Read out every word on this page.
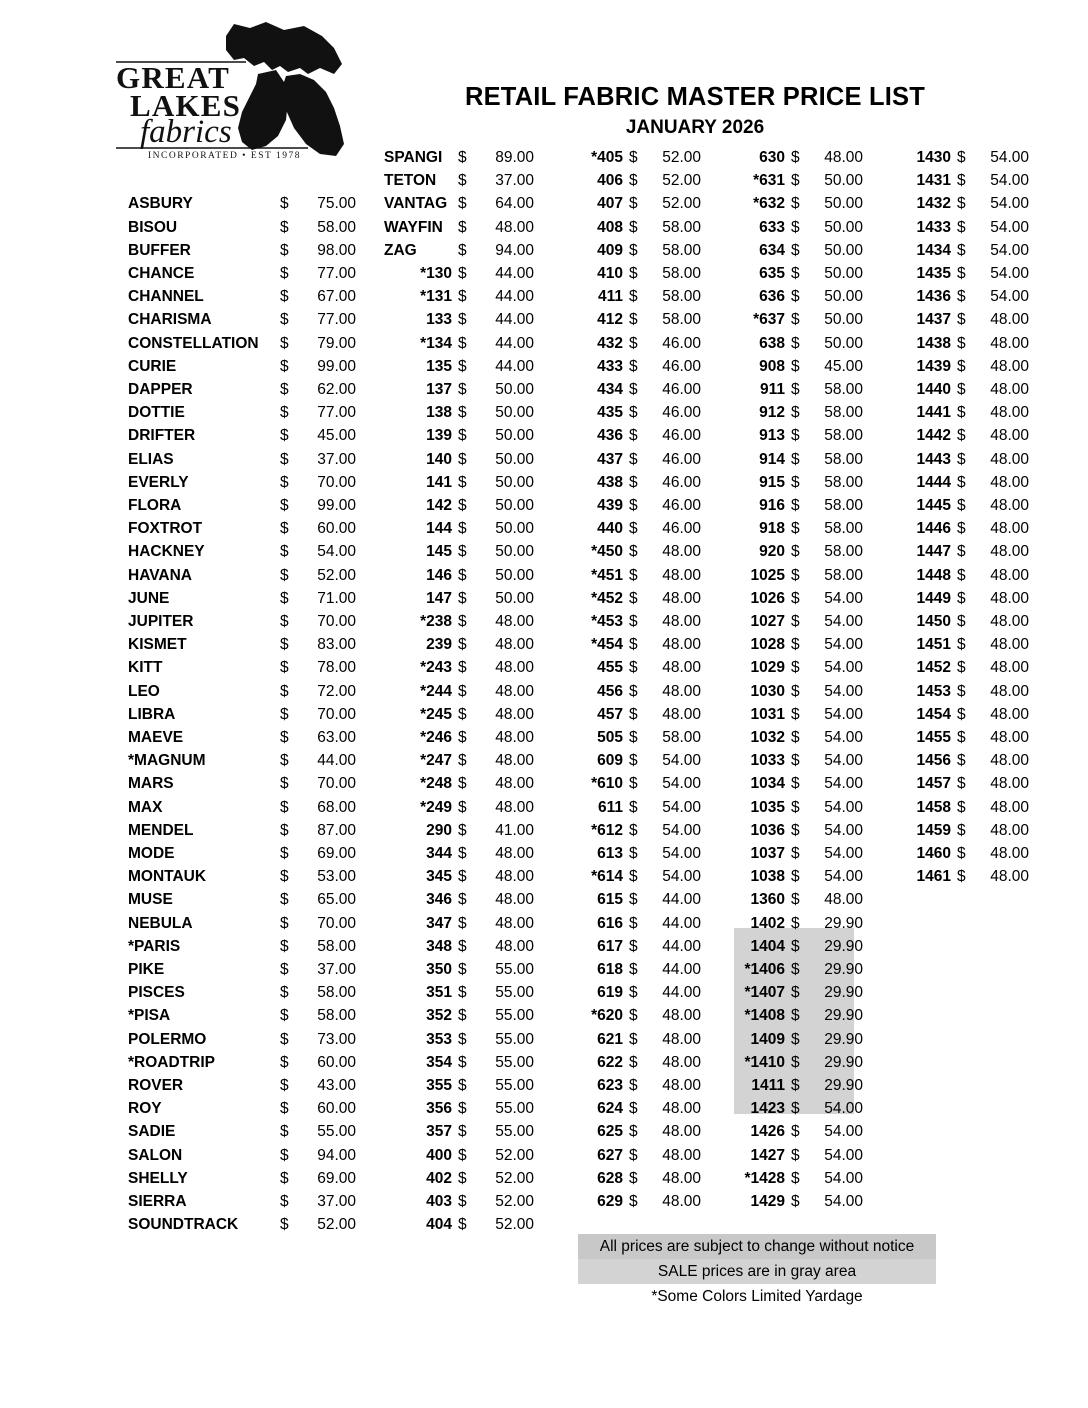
GREAT
LAKES
fabrics
INCORPORATED • EST 1978
RETAIL FABRIC MASTER PRICE LIST
JANUARY 2026
ASBURY	$	75.00
BISOU	$	58.00
BUFFER	$	98.00
CHANCE	$	77.00
CHANNEL	$	67.00
CHARISMA	$	77.00
CONSTELLATION	$	79.00
CURIE	$	99.00
DAPPER	$	62.00
DOTTIE	$	77.00
DRIFTER	$	45.00
ELIAS	$	37.00
EVERLY	$	70.00
FLORA	$	99.00
FOXTROT	$	60.00
HACKNEY	$	54.00
HAVANA	$	52.00
JUNE	$	71.00
JUPITER	$	70.00
KISMET	$	83.00
KITT	$	78.00
LEO	$	72.00
LIBRA	$	70.00
MAEVE	$	63.00
*MAGNUM	$	44.00
MARS	$	70.00
MAX	$	68.00
MENDEL	$	87.00
MODE	$	69.00
MONTAUK	$	53.00
MUSE	$	65.00
NEBULA	$	70.00
*PARIS	$	58.00
PIKE	$	37.00
PISCES	$	58.00
*PISA	$	58.00
POLERMO	$	73.00
*ROADTRIP	$	60.00
ROVER	$	43.00
ROY	$	60.00
SADIE	$	55.00
SALON	$	94.00
SHELLY	$	69.00
SIERRA	$	37.00
SOUNDTRACK	$	52.00
SPANGI	$	89.00
TETON	$	37.00
VANTAG $	64.00
WAYFIN $	48.00
ZAG	$	94.00
*130 $	44.00
*131 $	44.00
133 $	44.00
*134 $	44.00
135 $	44.00
137 $	50.00
138 $	50.00
139 $	50.00
140 $	50.00
141 $	50.00
142 $	50.00
144 $	50.00
145 $	50.00
146 $	50.00
147 $	50.00
*238 $	48.00
239 $	48.00
*243 $	48.00
*244 $	48.00
*245 $	48.00
*246 $	48.00
*247 $	48.00
*248 $	48.00
*249 $	48.00
290 $	41.00
344 $	48.00
345 $	48.00
346 $	48.00
347 $	48.00
348 $	48.00
350 $	55.00
351 $	55.00
352 $	55.00
353 $	55.00
354 $	55.00
355 $	55.00
356 $	55.00
357 $	55.00
400 $	52.00
402 $	52.00
403 $	52.00
404 $	52.00
*405 $	52.00
406 $	52.00
407 $	52.00
408 $	58.00
409 $	58.00
410 $	58.00
411 $	58.00
412 $	58.00
432 $	46.00
433 $	46.00
434 $	46.00
435 $	46.00
436 $	46.00
437 $	46.00
438 $	46.00
439 $	46.00
440 $	46.00
*450 $	48.00
*451 $	48.00
*452 $	48.00
*453 $	48.00
*454 $	48.00
455 $	48.00
456 $	48.00
457 $	48.00
505 $	58.00
609 $	54.00
*610 $	54.00
611 $	54.00
*612 $	54.00
613 $	54.00
*614 $	54.00
615 $	44.00
616 $	44.00
617 $	44.00
618 $	44.00
619 $	44.00
*620 $	48.00
621 $	48.00
622 $	48.00
623 $	48.00
624 $	48.00
625 $	48.00
627 $	48.00
628 $	48.00
629 $	48.00
630 $	48.00
*631 $	50.00
*632 $	50.00
633 $	50.00
634 $	50.00
635 $	50.00
636 $	50.00
*637 $	50.00
638 $	50.00
908 $	45.00
911 $	58.00
912 $	58.00
913 $	58.00
914 $	58.00
915 $	58.00
916 $	58.00
918 $	58.00
920 $	58.00
1025 $	58.00
1026 $	54.00
1027 $	54.00
1028 $	54.00
1029 $	54.00
1030 $	54.00
1031 $	54.00
1032 $	54.00
1033 $	54.00
1034 $	54.00
1035 $	54.00
1036 $	54.00
1037 $	54.00
1038 $	54.00
1360 $	48.00
1402 $	29.90
1404 $	29.90
*1406 $	29.90
*1407 $	29.90
*1408 $	29.90
1409 $	29.90
*1410 $	29.90
1411 $	29.90
1423 $	54.00
1426 $	54.00
1427 $	54.00
*1428 $	54.00
1429 $	54.00
1430 $	54.00
1431 $	54.00
1432 $	54.00
1433 $	54.00
1434 $	54.00
1435 $	54.00
1436 $	54.00
1437 $	48.00
1438 $	48.00
1439 $	48.00
1440 $	48.00
1441 $	48.00
1442 $	48.00
1443 $	48.00
1444 $	48.00
1445 $	48.00
1446 $	48.00
1447 $	48.00
1448 $	48.00
1449 $	48.00
1450 $	48.00
1451 $	48.00
1452 $	48.00
1453 $	48.00
1454 $	48.00
1455 $	48.00
1456 $	48.00
1457 $	48.00
1458 $	48.00
1459 $	48.00
1460 $	48.00
1461 $	48.00
All prices are subject to change without notice
SALE prices are in gray area
*Some Colors Limited Yardage
